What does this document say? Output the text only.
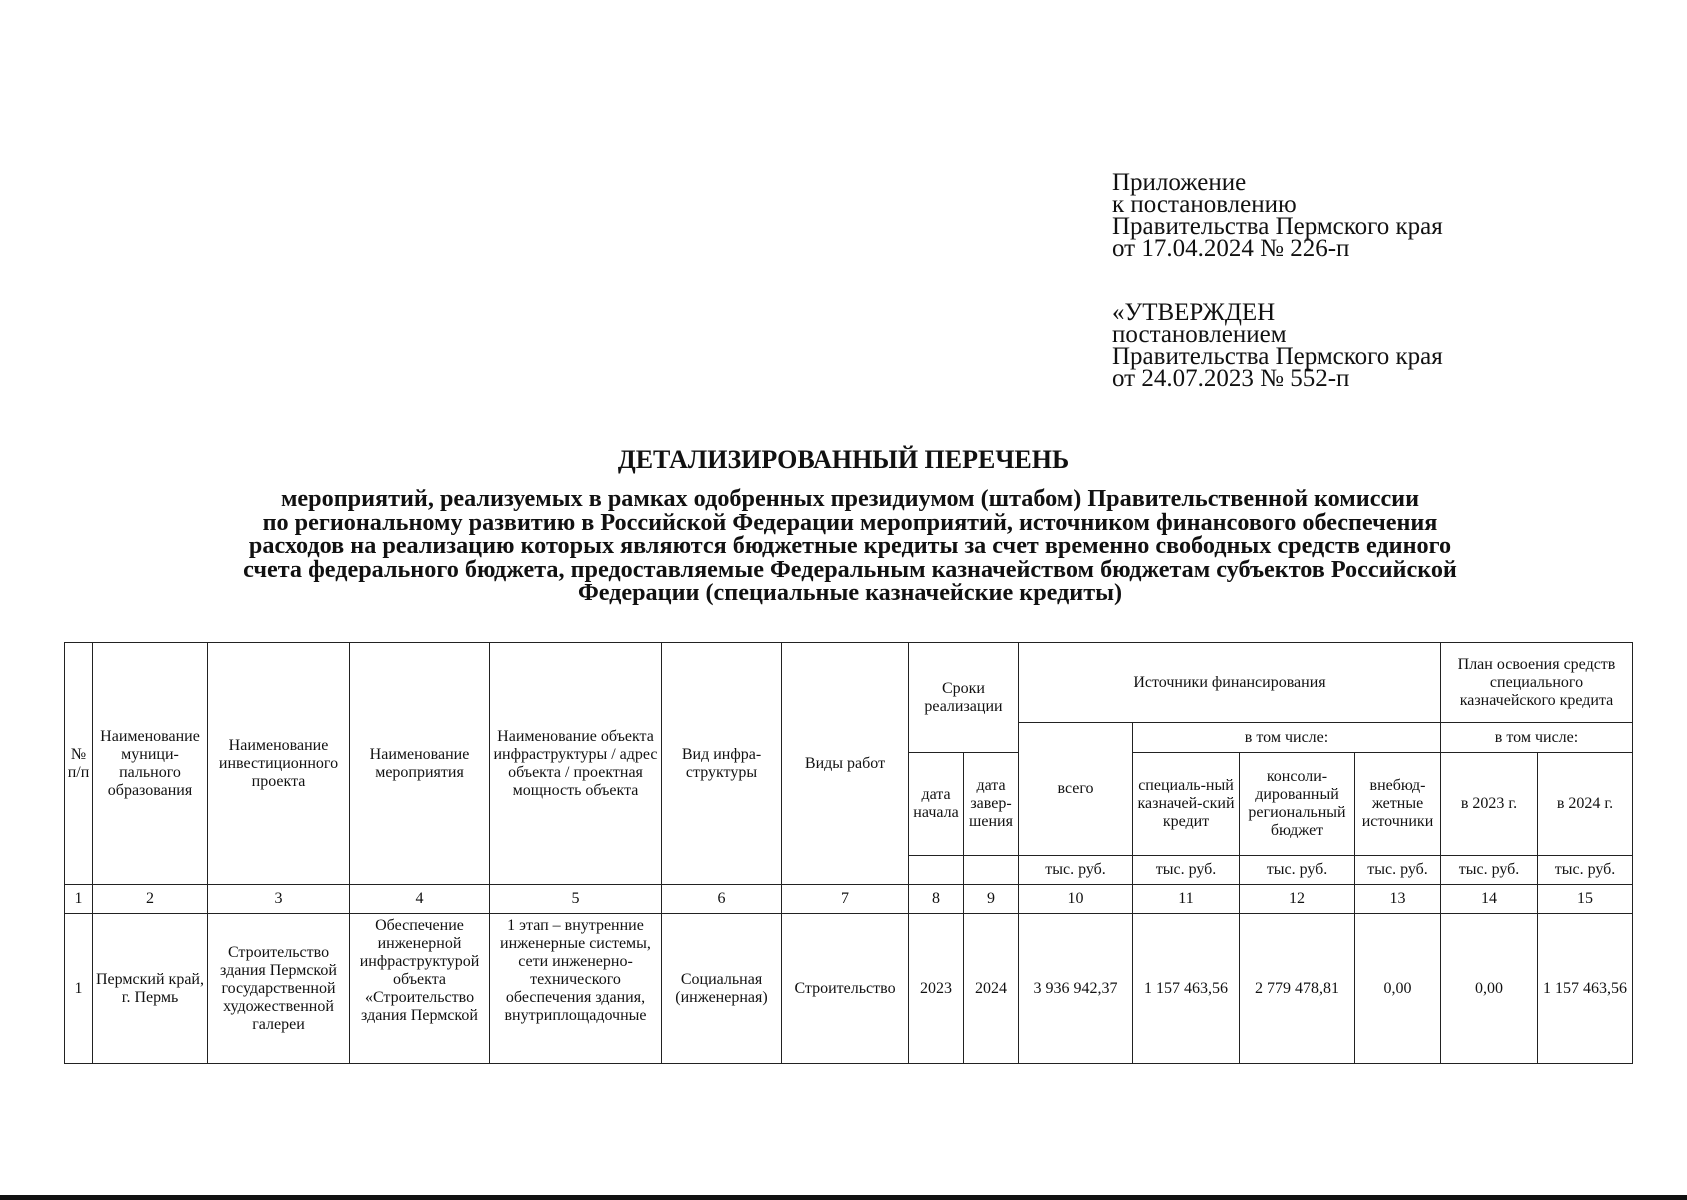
Приложение
к постановлению
Правительства Пермского края
от 17.04.2024 № 226-п
«УТВЕРЖДЕН
постановлением
Правительства Пермского края
от 24.07.2023 № 552-п
ДЕТАЛИЗИРОВАННЫЙ ПЕРЕЧЕНЬ
мероприятий, реализуемых в рамках одобренных президиумом (штабом) Правительственной комиссии
по региональному развитию в Российской Федерации мероприятий, источником финансового обеспечения
расходов на реализацию которых являются бюджетные кредиты за счет временно свободных средств единого
счета федерального бюджета, предоставляемые Федеральным казначейством бюджетам субъектов Российской
Федерации (специальные казначейские кредиты)
№ п/п	Наименование муници-пального образования	Наименование инвестиционного проекта	Наименование мероприятия	Наименование объекта инфраструктуры / адрес объекта / проектная мощность объекта	Вид инфра-структуры	Виды работ	Сроки реализации		Источники финансирования				План освоения средств специального казначейского кредита	
									всего	в том числе:			в том числе:	
							дата начала	дата завер-шения		специаль-ный казначей-ский кредит	консоли-дированный региональный бюджет	внебюд-жетные источники	в 2023 г.	в 2024 г.
									тыс. руб.	тыс. руб.	тыс. руб.	тыс. руб.	тыс. руб.	тыс. руб.
1	2	3	4	5	6	7	8	9	10	11	12	13	14	15
1	Пермский край, г. Пермь	Строительство здания Пермской государственной художественной галереи	Обеспечение инженерной инфраструктурой объекта «Строительство здания Пермской	1 этап – внутренние инженерные системы, сети инженерно-технического обеспечения здания, внутриплощадочные	Социальная (инженерная)	Строительство	2023	2024	3 936 942,37	1 157 463,56	2 779 478,81	0,00	0,00	1 157 463,56
